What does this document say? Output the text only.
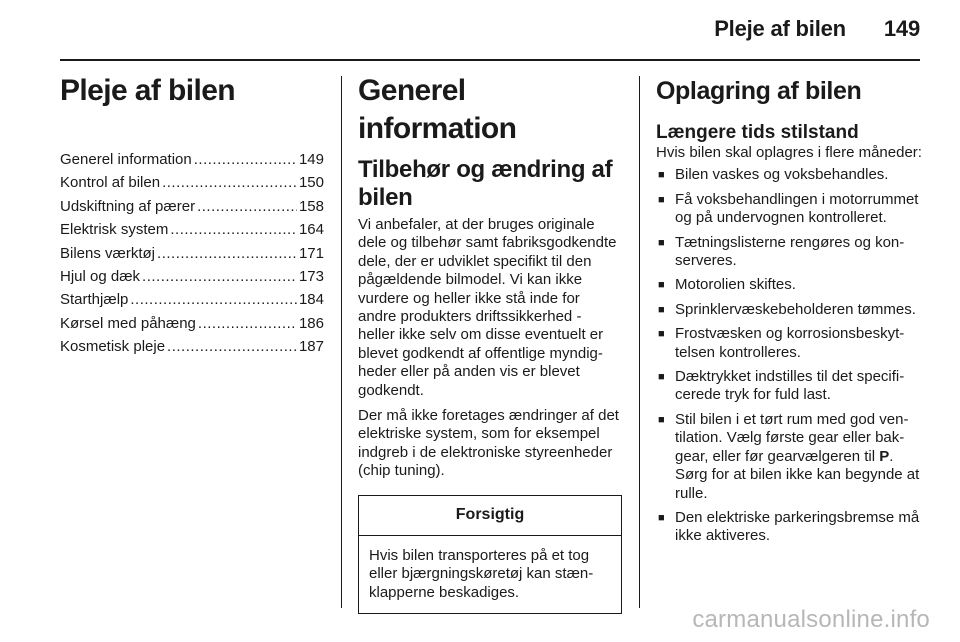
Pleje af bilen 149
Pleje af bilen
Generel information .....	149
Kontrol af bilen .....	150
Udskiftning af pærer .....	158
Elektrisk system .....	164
Bilens værktøj .....	171
Hjul og dæk .....	173
Starthjælp .....	184
Kørsel med påhæng .....	186
Kosmetisk pleje .....	187
Generel information
Tilbehør og ændring af bilen

Vi anbefaler, at der bruges originale dele og tilbehør samt fabriksgodkendte dele, der er udviklet specifikt til den pågældende bilmodel. Vi kan ikke vurdere og heller ikke stå inde for andre produkters driftssikkerhed - heller ikke selv om disse eventuelt er blevet godkendt af offentlige myndigheder eller på anden vis er blevet godkendt.

Der må ikke foretages ændringer af det elektriske system, som for eksempel indgreb i de elektroniske styreenheder (chip tuning).

Forsigtig
Hvis bilen transporteres på et tog eller bjærgningskøretøj kan stænklapperne beskadiges.
Oplagring af bilen
Længere tids stilstand

Hvis bilen skal oplagres i flere måneder:

■ Bilen vaskes og voksbehandles.
■ Få voksbehandlingen i motorrummet og på undervognen kontrolleret.
■ Tætningslisterne rengøres og konserveres.
■ Motorolien skiftes.
■ Sprinklervæskebeholderen tømmes.
■ Frostvæsken og korrosionsbeskyttelsen kontrolleres.
■ Dæktrykket indstilles til det specificerede tryk for fuld last.
■ Stil bilen i et tørt rum med god ventilation. Vælg første gear eller bakgear, eller før gearvælgeren til P. Sørg for at bilen ikke kan begynde at rulle.
■ Den elektriske parkeringsbremse må ikke aktiveres.
carmanualsonline.info
